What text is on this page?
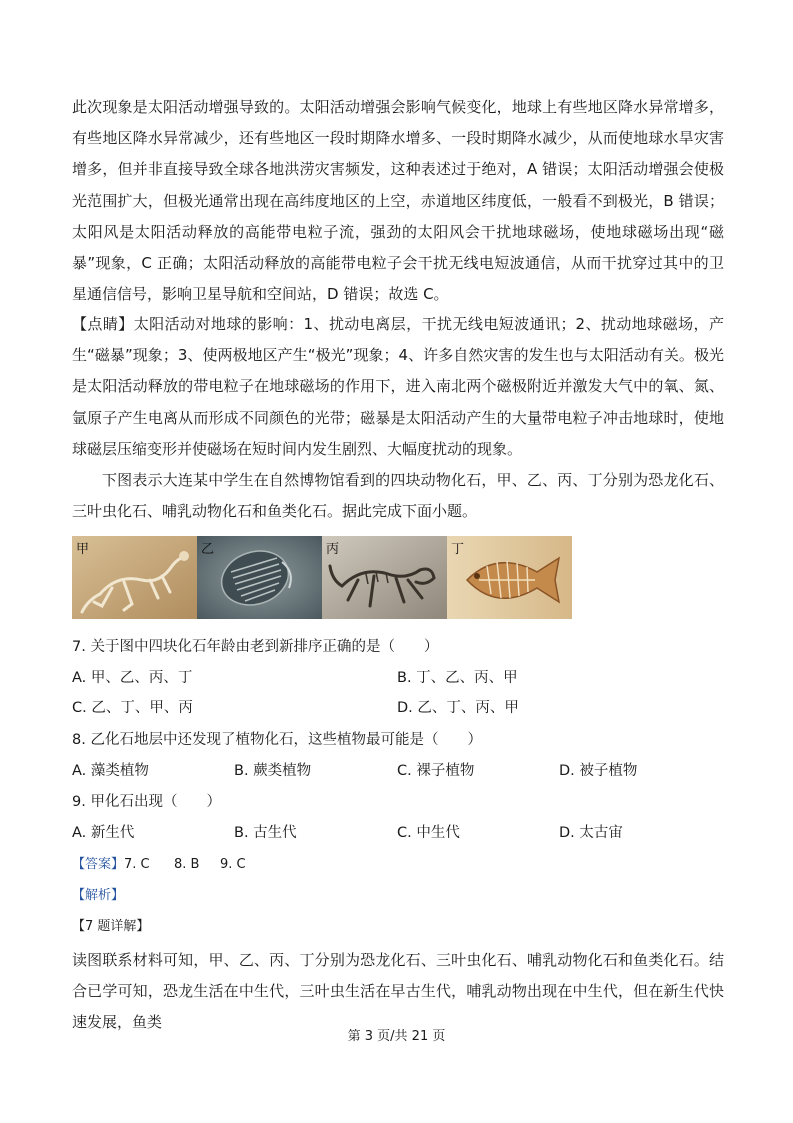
此次现象是太阳活动增强导致的。太阳活动增强会影响气候变化，地球上有些地区降水异常增多，有些地区降水异常减少，还有些地区一段时期降水增多、一段时期降水减少，从而使地球水旱灾害增多，但并非直接导致全球各地洪涝灾害频发，这种表述过于绝对，A 错误；太阳活动增强会使极光范围扩大，但极光通常出现在高纬度地区的上空，赤道地区纬度低，一般看不到极光，B 错误；太阳风是太阳活动释放的高能带电粒子流，强劲的太阳风会干扰地球磁场，使地球磁场出现“磁暴”现象，C 正确；太阳活动释放的高能带电粒子会干扰无线电短波通信，从而干扰穿过其中的卫星通信信号，影响卫星导航和空间站，D 错误；故选 C。
【点睛】太阳活动对地球的影响：1、扰动电离层，干扰无线电短波通讯；2、扰动地球磁场，产生“磁暴”现象；3、使两极地区产生“极光”现象；4、许多自然灾害的发生也与太阳活动有关。极光是太阳活动释放的带电粒子在地球磁场的作用下，进入南北两个磁极附近并激发大气中的氧、氮、氩原子产生电离从而形成不同颜色的光带；磁暴是太阳活动产生的大量带电粒子冲击地球时，使地球磁层压缩变形并使磁场在短时间内发生剧烈、大幅度扰动的现象。
下图表示大连某中学生在自然博物馆看到的四块动物化石，甲、乙、丙、丁分别为恐龙化石、三叶虫化石、哺乳动物化石和鱼类化石。据此完成下面小题。
甲	乙	丙	丁
7. 关于图中四块化石年龄由老到新排序正确的是（　　）
A. 甲、乙、丙、丁	B. 丁、乙、丙、甲
C. 乙、丁、甲、丙	D. 乙、丁、丙、甲
8. 乙化石地层中还发现了植物化石，这些植物最可能是（　　）
A. 藻类植物	B. 蕨类植物	C. 裸子植物	D. 被子植物
9. 甲化石出现（　　）
A. 新生代	B. 古生代	C. 中生代	D. 太古宙
【答案】7. C 8. B 9. C
【解析】
【7 题详解】
读图联系材料可知，甲、乙、丙、丁分别为恐龙化石、三叶虫化石、哺乳动物化石和鱼类化石。结合已学可知，恐龙生活在中生代，三叶虫生活在早古生代，哺乳动物出现在中生代，但在新生代快速发展，鱼类
第 3 页/共 21 页
